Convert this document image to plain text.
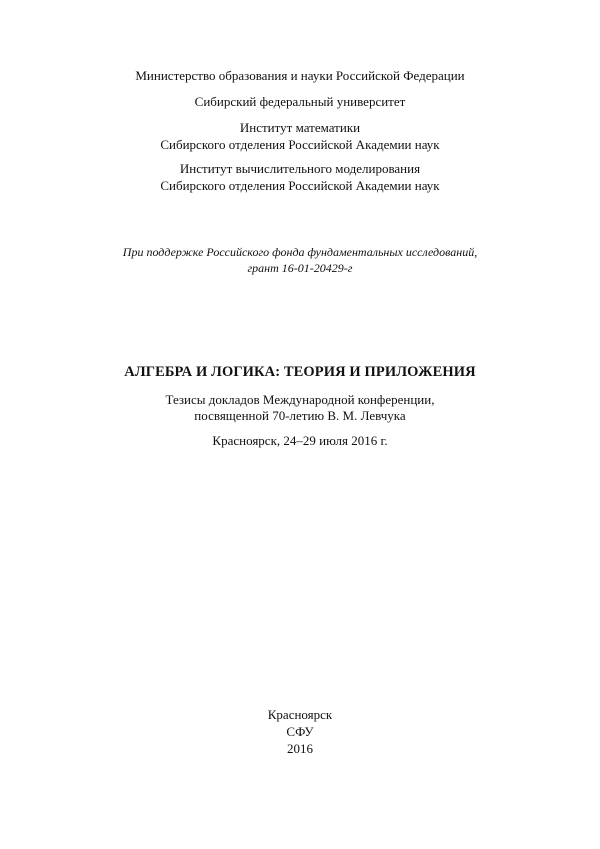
Министерство образования и науки Российской Федерации
Сибирский федеральный университет
Институт математики
Сибирского отделения Российской Академии наук
Институт вычислительного моделирования
Сибирского отделения Российской Академии наук
При поддержке Российского фонда фундаментальных исследований,
грант 16-01-20429-г
АЛГЕБРА И ЛОГИКА: ТЕОРИЯ И ПРИЛОЖЕНИЯ
Тезисы докладов Международной конференции,
посвященной 70-летию В. М. Левчука
Красноярск, 24–29 июля 2016 г.
Красноярск
СФУ
2016
